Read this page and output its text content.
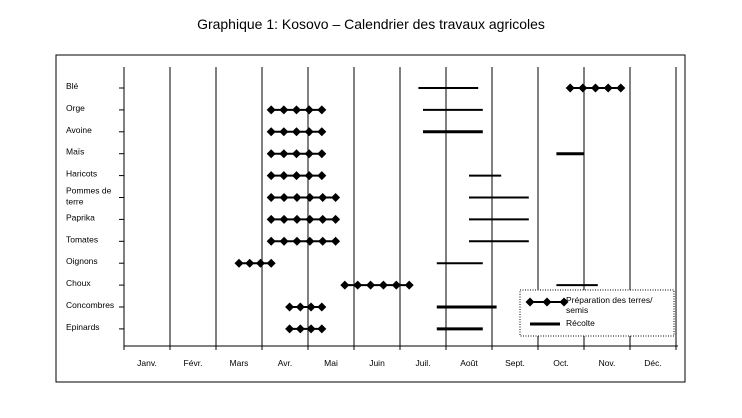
Graphique 1: Kosovo – Calendrier des travaux agricoles
Janv.	Févr.	Mars	Avr.	Mai	Juin	Juil.	Août	Sept.	Oct.	Nov.	Déc.
Blé
Orge
Avoine
Maïs
Haricots
Pommes de terre
Paprika
Tomates
Oignons
Choux
Concombres
Epinards
Préparation des terres/ semis
Récolte
